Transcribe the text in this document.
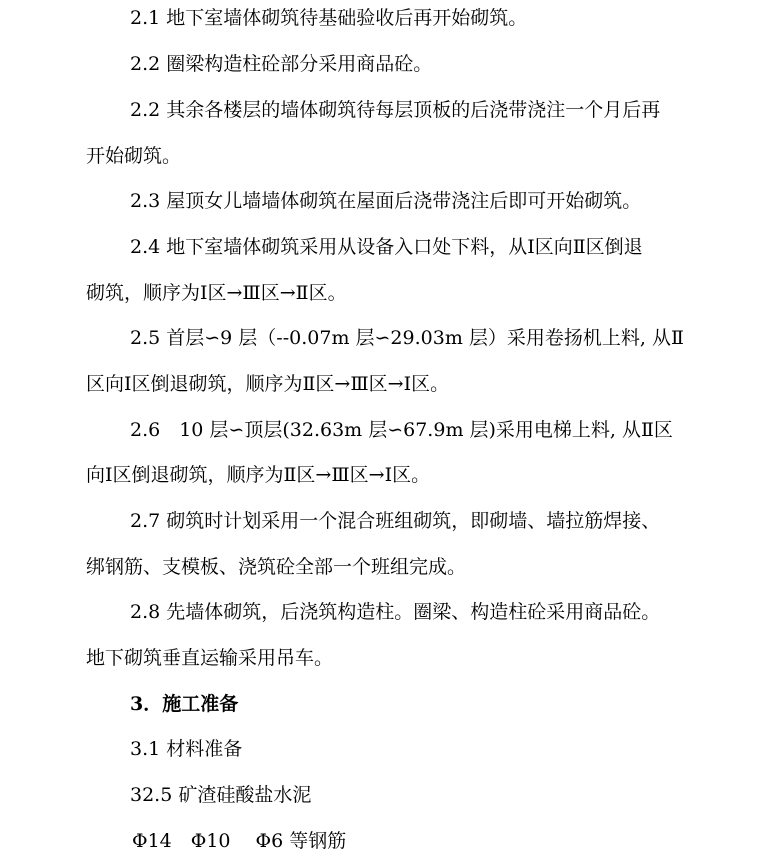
2.1 地下室墙体砌筑待基础验收后再开始砌筑。
2.2 圈梁构造柱砼部分采用商品砼。
2.2 其余各楼层的墙体砌筑待每层顶板的后浇带浇注一个月后再
开始砌筑。
2.3 屋顶女儿墙墙体砌筑在屋面后浇带浇注后即可开始砌筑。
2.4 地下室墙体砌筑采用从设备入口处下料，从Ⅰ区向Ⅱ区倒退
砌筑，顺序为Ⅰ区→Ⅲ区→Ⅱ区。
2.5 首层∽9 层（--0.07m 层∽29.03m 层）采用卷扬机上料, 从Ⅱ
区向Ⅰ区倒退砌筑，顺序为Ⅱ区→Ⅲ区→Ⅰ区。
2.6　10 层∽顶层(32.63m 层∽67.9m 层)采用电梯上料, 从Ⅱ区
向Ⅰ区倒退砌筑，顺序为Ⅱ区→Ⅲ区→Ⅰ区。
2.7 砌筑时计划采用一个混合班组砌筑，即砌墙、墙拉筋焊接、
绑钢筋、支模板、浇筑砼全部一个班组完成。
2.8 先墙体砌筑，后浇筑构造柱。圈梁、构造柱砼采用商品砼。
地下砌筑垂直运输采用吊车。
3．施工准备
3.1 材料准备
32.5 矿渣硅酸盐水泥
Φ14　Φ10　 Φ6 等钢筋
